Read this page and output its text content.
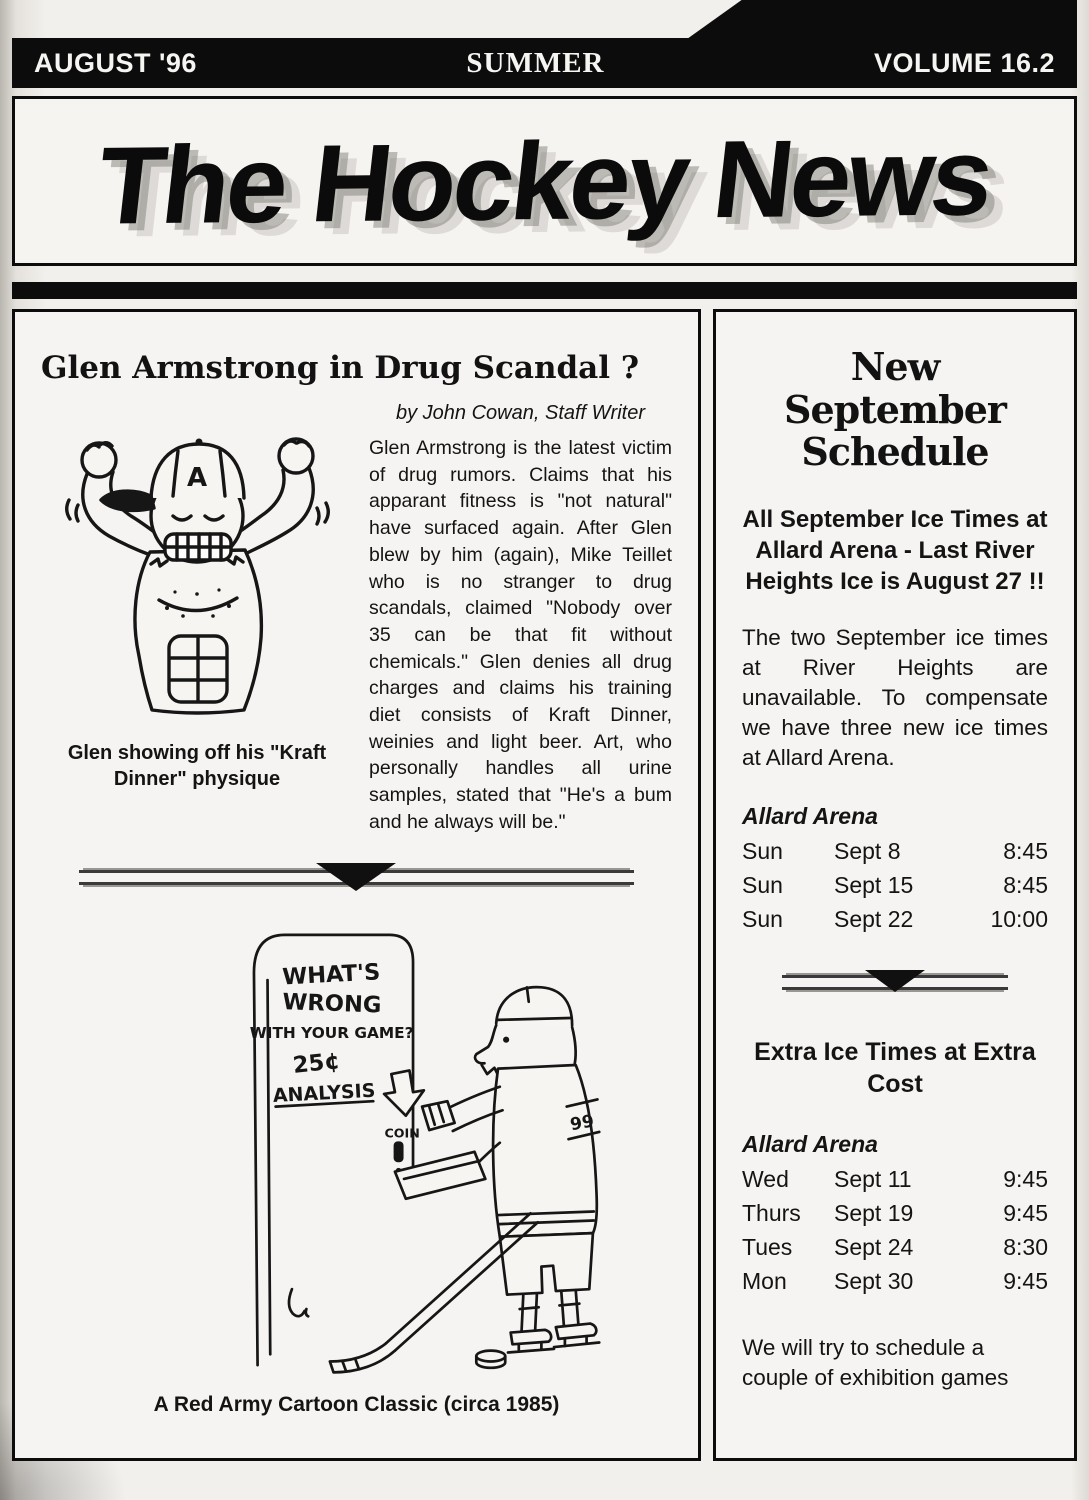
AUGUST '96	SUMMER	VOLUME 16.2
The Hockey News
Glen Armstrong in Drug Scandal ?
A
Glen showing off his "Kraft Dinner" physique
by John Cowan, Staff Writer

Glen Armstrong is the latest victim of drug rumors. Claims that his apparant fitness is "not natural" have surfaced again. After Glen blew by him (again), Mike Teillet who is no stranger to drug scandals, claimed "Nobody over 35 can be that fit without chemicals." Glen denies all drug charges and claims his training diet consists of Kraft Dinner, weinies and light beer. Art, who personally handles all urine samples, stated that "He's a bum and he always will be."

WHAT'S
WRONG
WITH YOUR GAME?
25¢
ANALYSIS
COIN	99
A Red Army Cartoon Classic (circa 1985)
New September
Schedule
All September Ice Times at Allard Arena - Last River Heights Ice is August 27 !!
The two September ice times at River Heights are unavailable. To compensate we have three new ice times at Allard Arena.
Allard Arena
Sun	Sept 8	8:45
Sun	Sept 15	8:45
Sun	Sept 22	10:00
Extra Ice Times at Extra Cost
Allard Arena
Wed	Sept 11	9:45
Thurs	Sept 19	9:45
Tues	Sept 24	8:30
Mon	Sept 30	9:45
We will try to schedule a couple of exhibition games
